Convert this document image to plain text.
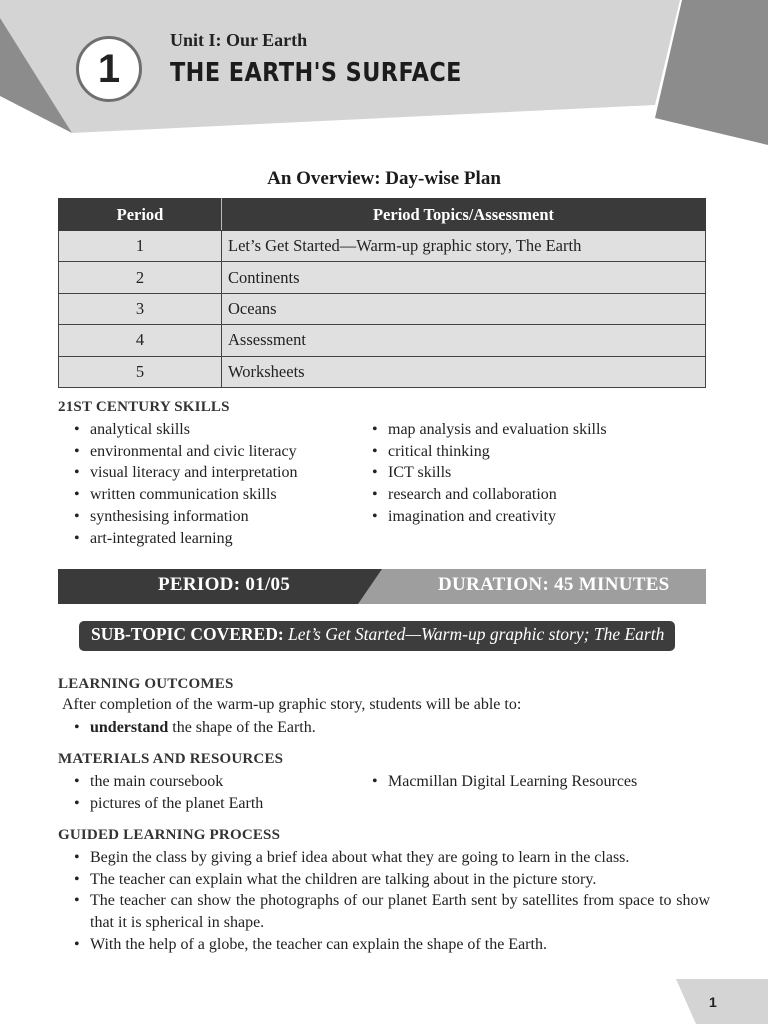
1
Unit I: Our Earth
THE EARTH'S SURFACE
An Overview: Day-wise Plan
Period	Period Topics/Assessment
1	Let’s Get Started—Warm-up graphic story, The Earth
2	Continents
3	Oceans
4	Assessment
5	Worksheets
21ST CENTURY SKILLS
• analytical skills
• environmental and civic literacy
• visual literacy and interpretation
• written communication skills
• synthesising information
• art-integrated learning
• map analysis and evaluation skills
• critical thinking
• ICT skills
• research and collaboration
• imagination and creativity
PERIOD: 01/05	DURATION: 45 MINUTES
SUB-TOPIC COVERED: Let’s Get Started—Warm-up graphic story; The Earth
LEARNING OUTCOMES
After completion of the warm-up graphic story, students will be able to:
• understand the shape of the Earth.
MATERIALS AND RESOURCES
• the main coursebook
• pictures of the planet Earth
• Macmillan Digital Learning Resources
GUIDED LEARNING PROCESS
• Begin the class by giving a brief idea about what they are going to learn in the class.
• The teacher can explain what the children are talking about in the picture story.
• The teacher can show the photographs of our planet Earth sent by satellites from space to show that it is spherical in shape.
• With the help of a globe, the teacher can explain the shape of the Earth.
1
